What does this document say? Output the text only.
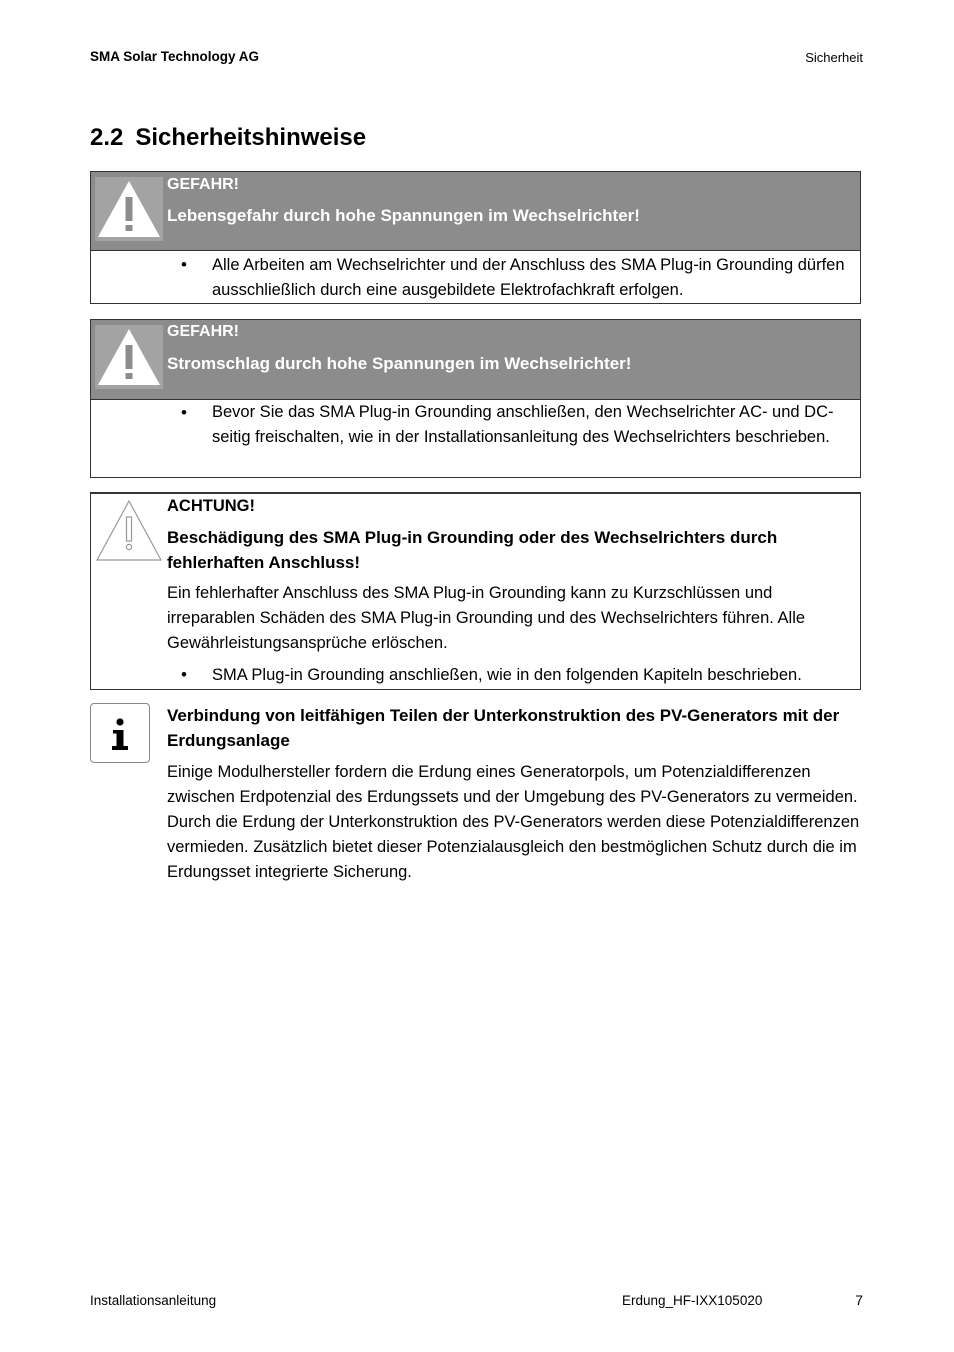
SMA Solar Technology AG	Sicherheit
2.2 Sicherheitshinweise
GEFAHR!
Lebensgefahr durch hohe Spannungen im Wechselrichter!
• Alle Arbeiten am Wechselrichter und der Anschluss des SMA Plug-in Grounding dürfen ausschließlich durch eine ausgebildete Elektrofachkraft erfolgen.
GEFAHR!
Stromschlag durch hohe Spannungen im Wechselrichter!
• Bevor Sie das SMA Plug-in Grounding anschließen, den Wechselrichter AC- und DC-seitig freischalten, wie in der Installationsanleitung des Wechselrichters beschrieben.
ACHTUNG!
Beschädigung des SMA Plug-in Grounding oder des Wechselrichters durch fehlerhaften Anschluss!
Ein fehlerhafter Anschluss des SMA Plug-in Grounding kann zu Kurzschlüssen und irreparablen Schäden des SMA Plug-in Grounding und des Wechselrichters führen. Alle Gewährleistungsansprüche erlöschen.
• SMA Plug-in Grounding anschließen, wie in den folgenden Kapiteln beschrieben.
Verbindung von leitfähigen Teilen der Unterkonstruktion des PV-Generators mit der Erdungsanlage
Einige Modulhersteller fordern die Erdung eines Generatorpols, um Potenzialdifferenzen zwischen Erdpotenzial des Erdungssets und der Umgebung des PV-Generators zu vermeiden. Durch die Erdung der Unterkonstruktion des PV-Generators werden diese Potenzialdifferenzen vermieden. Zusätzlich bietet dieser Potenzialausgleich den bestmöglichen Schutz durch die im Erdungsset integrierte Sicherung.
Installationsanleitung	Erdung_HF-IXX105020	7
